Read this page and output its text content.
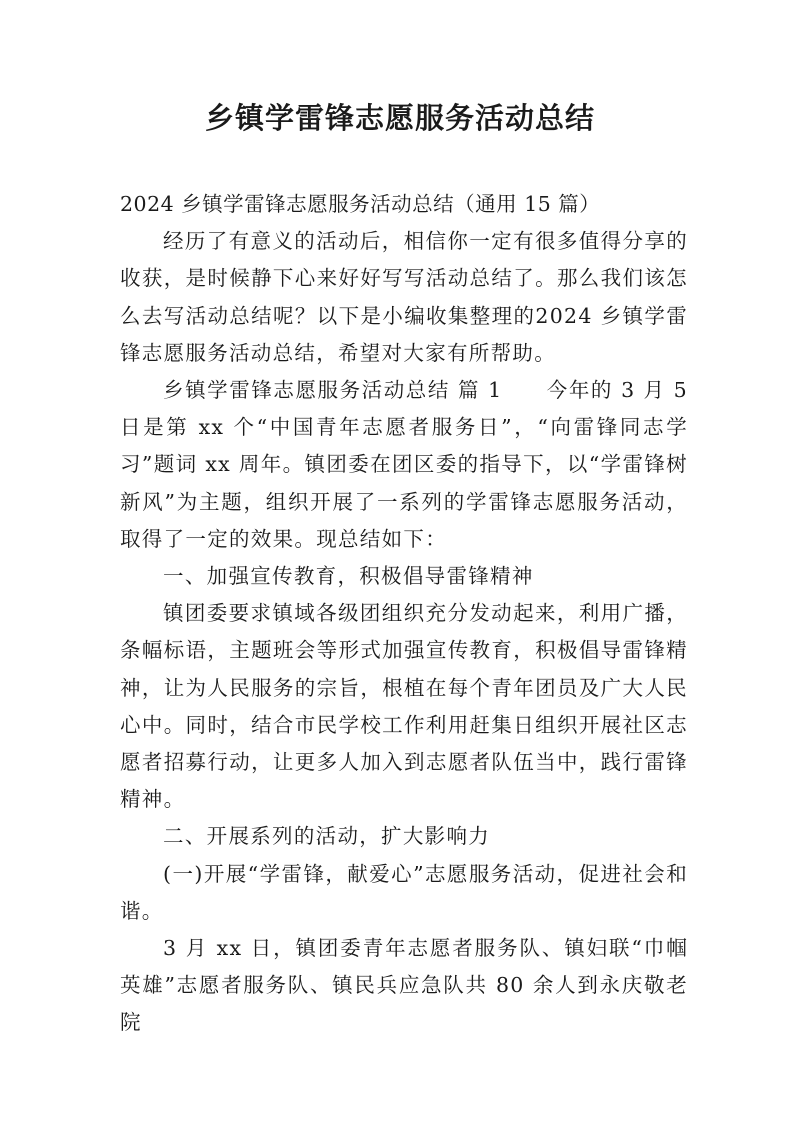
乡镇学雷锋志愿服务活动总结

2024 乡镇学雷锋志愿服务活动总结（通用 15 篇）

经历了有意义的活动后，相信你一定有很多值得分享的收获，是时候静下心来好好写写活动总结了。那么我们该怎么去写活动总结呢？以下是小编收集整理的2024 乡镇学雷锋志愿服务活动总结，希望对大家有所帮助。

乡镇学雷锋志愿服务活动总结 篇 1 今年的 3 月 5 日是第 xx 个“中国青年志愿者服务日”，“向雷锋同志学习”题词 xx 周年。镇团委在团区委的指导下，以“学雷锋树新风”为主题，组织开展了一系列的学雷锋志愿服务活动，取得了一定的效果。现总结如下：

一、加强宣传教育，积极倡导雷锋精神

镇团委要求镇域各级团组织充分发动起来，利用广播，条幅标语，主题班会等形式加强宣传教育，积极倡导雷锋精神，让为人民服务的宗旨，根植在每个青年团员及广大人民心中。同时，结合市民学校工作利用赶集日组织开展社区志愿者招募行动，让更多人加入到志愿者队伍当中，践行雷锋精神。

二、开展系列的活动，扩大影响力

(一)开展“学雷锋，献爱心”志愿服务活动，促进社会和谐。

3 月 xx 日，镇团委青年志愿者服务队、镇妇联“巾帼英雄”志愿者服务队、镇民兵应急队共 80 余人到永庆敬老院
